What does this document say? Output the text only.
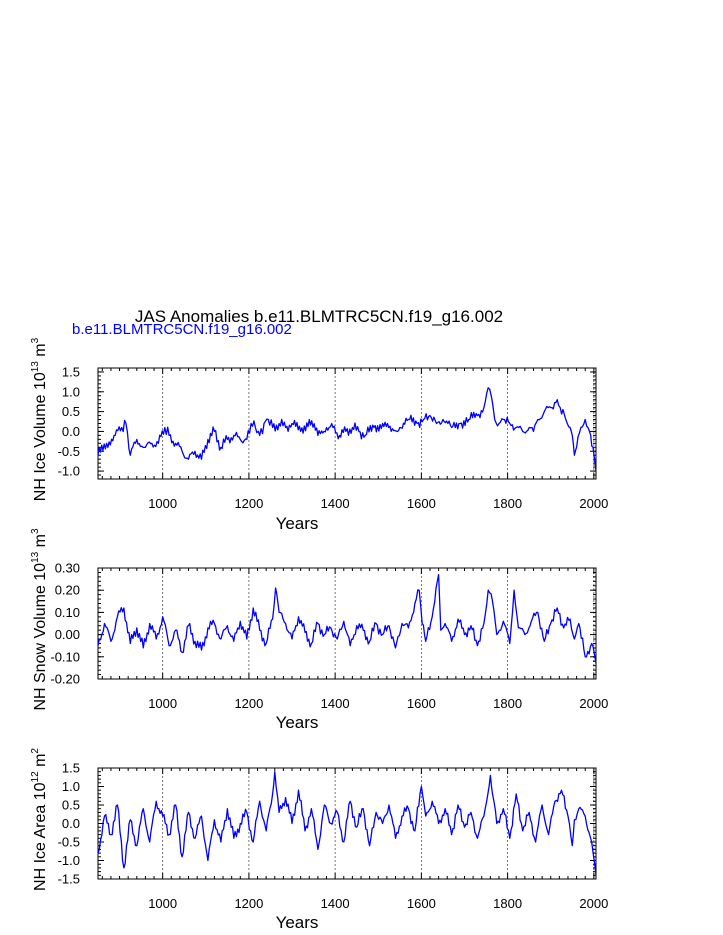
JAS Anomalies b.e11.BLMTRC5CN.f19_g16.002
b.e11.BLMTRC5CN.f19_g16.002
1000	1200	1400	1600	1800	2000
1.5
1.0
0.5
0.0
-0.5
-1.0
Years
NH Ice Volume $10^{13}$ $m^3$
1000	1200	1400	1600	1800	2000
0.30
0.20
0.10
0.00
-0.10
-0.20
Years
NH Snow Volume $10^{13}$ $m^3$
1000	1200	1400	1600	1800	2000
1.5
1.0
0.5
0.0
-0.5
-1.0
-1.5
Years
NH Ice Area $10^{12}$ $m^2$
